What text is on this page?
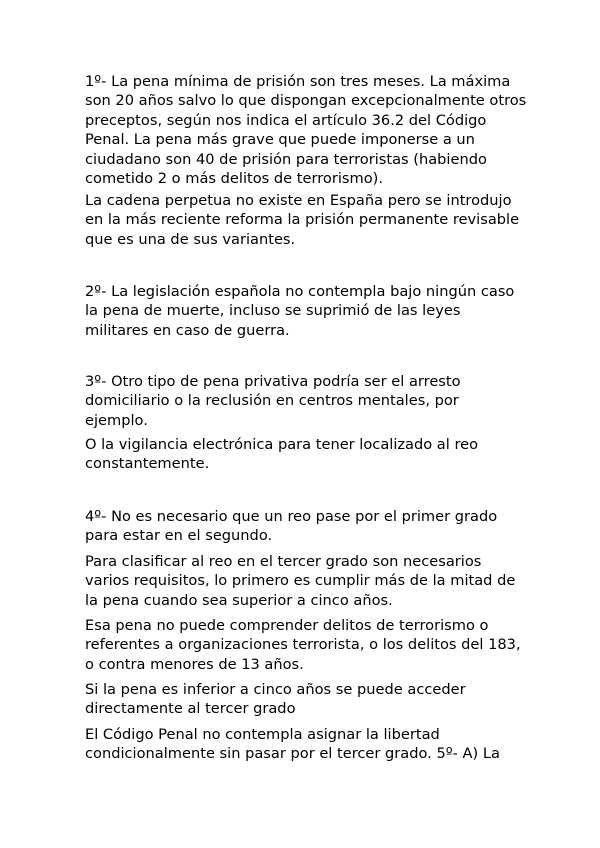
1º- La pena mínima de prisión son tres meses. La máxima
son 20 años salvo lo que dispongan excepcionalmente otros
preceptos, según nos indica el artículo 36.2 del Código
Penal. La pena más grave que puede imponerse a un
ciudadano son 40 de prisión para terroristas (habiendo
cometido 2 o más delitos de terrorismo).

La cadena perpetua no existe en España pero se introdujo
en la más reciente reforma la prisión permanente revisable
que es una de sus variantes.

2º- La legislación española no contempla bajo ningún caso
la pena de muerte, incluso se suprimió de las leyes
militares en caso de guerra.

3º- Otro tipo de pena privativa podría ser el arresto
domiciliario o la reclusión en centros mentales, por
ejemplo.

O la vigilancia electrónica para tener localizado al reo
constantemente.

4º- No es necesario que un reo pase por el primer grado
para estar en el segundo.

Para clasificar al reo en el tercer grado son necesarios
varios requisitos, lo primero es cumplir más de la mitad de
la pena cuando sea superior a cinco años.

Esa pena no puede comprender delitos de terrorismo o
referentes a organizaciones terrorista, o los delitos del 183,
o contra menores de 13 años.

Si la pena es inferior a cinco años se puede acceder
directamente al tercer grado

El Código Penal no contempla asignar la libertad
condicionalmente sin pasar por el tercer grado. 5º- A) La
